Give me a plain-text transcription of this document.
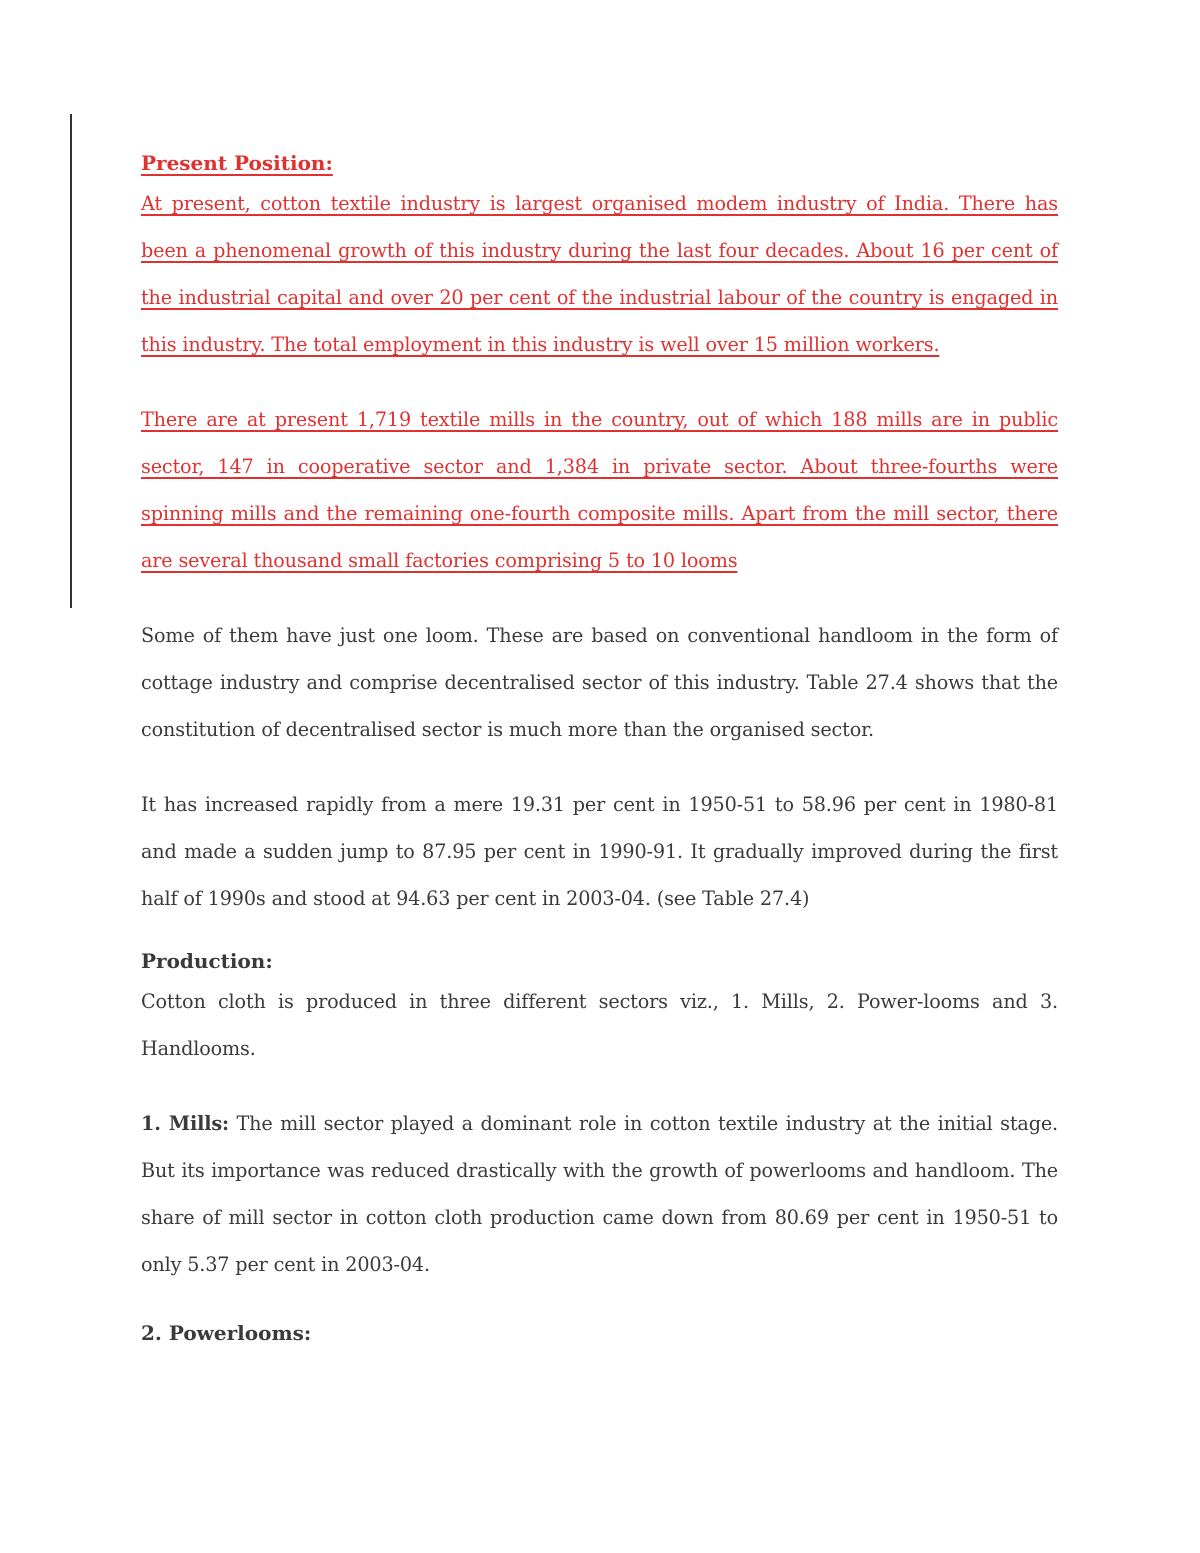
Present Position:

At present, cotton textile industry is largest organised modem industry of India. There has been a phenomenal growth of this industry during the last four decades. About 16 per cent of the industrial capital and over 20 per cent of the industrial labour of the country is engaged in this industry. The total employment in this industry is well over 15 million workers.

There are at present 1,719 textile mills in the country, out of which 188 mills are in public sector, 147 in cooperative sector and 1,384 in private sector. About three-fourths were spinning mills and the remaining one-fourth composite mills. Apart from the mill sector, there are several thousand small factories comprising 5 to 10 looms

Some of them have just one loom. These are based on conventional handloom in the form of cottage industry and comprise decentralised sector of this industry. Table 27.4 shows that the constitution of decentralised sector is much more than the organised sector.

It has increased rapidly from a mere 19.31 per cent in 1950-51 to 58.96 per cent in 1980-81 and made a sudden jump to 87.95 per cent in 1990-91. It gradually improved during the first half of 1990s and stood at 94.63 per cent in 2003-04. (see Table 27.4)

Production:

Cotton cloth is produced in three different sectors viz., 1. Mills, 2. Power-looms and 3. Handlooms.

1. Mills: The mill sector played a dominant role in cotton textile industry at the initial stage. But its importance was reduced drastically with the growth of powerlooms and handloom. The share of mill sector in cotton cloth production came down from 80.69 per cent in 1950-51 to only 5.37 per cent in 2003-04.

2. Powerlooms:
